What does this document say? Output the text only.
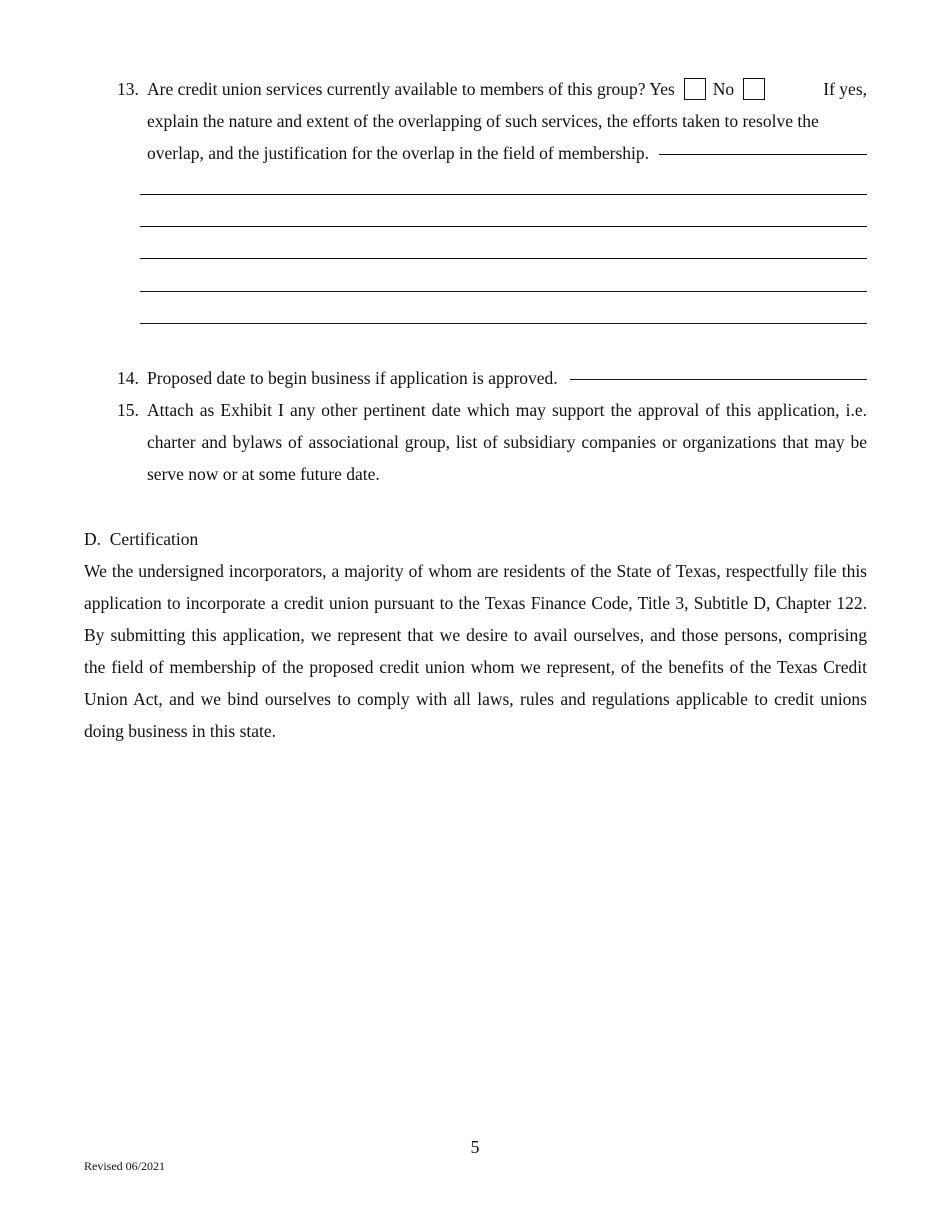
13. Are credit union services currently available to members of this group? Yes No	If yes,
explain the nature and extent of the overlapping of such services, the efforts taken to resolve the
overlap, and the justification for the overlap in the field of membership.
14. Proposed date to begin business if application is approved.
15. Attach as Exhibit I any other pertinent date which may support the approval of this application, i.e. charter and bylaws of associational group, list of subsidiary companies or organizations that may be serve now or at some future date.
D.  Certification

We the undersigned incorporators, a majority of whom are residents of the State of Texas, respectfully file this application to incorporate a credit union pursuant to the Texas Finance Code, Title 3, Subtitle D, Chapter 122. By submitting this application, we represent that we desire to avail ourselves, and those persons, comprising the field of membership of the proposed credit union whom we represent, of the benefits of the Texas Credit Union Act, and we bind ourselves to comply with all laws, rules and regulations applicable to credit unions doing business in this state.

5
Revised 06/2021
